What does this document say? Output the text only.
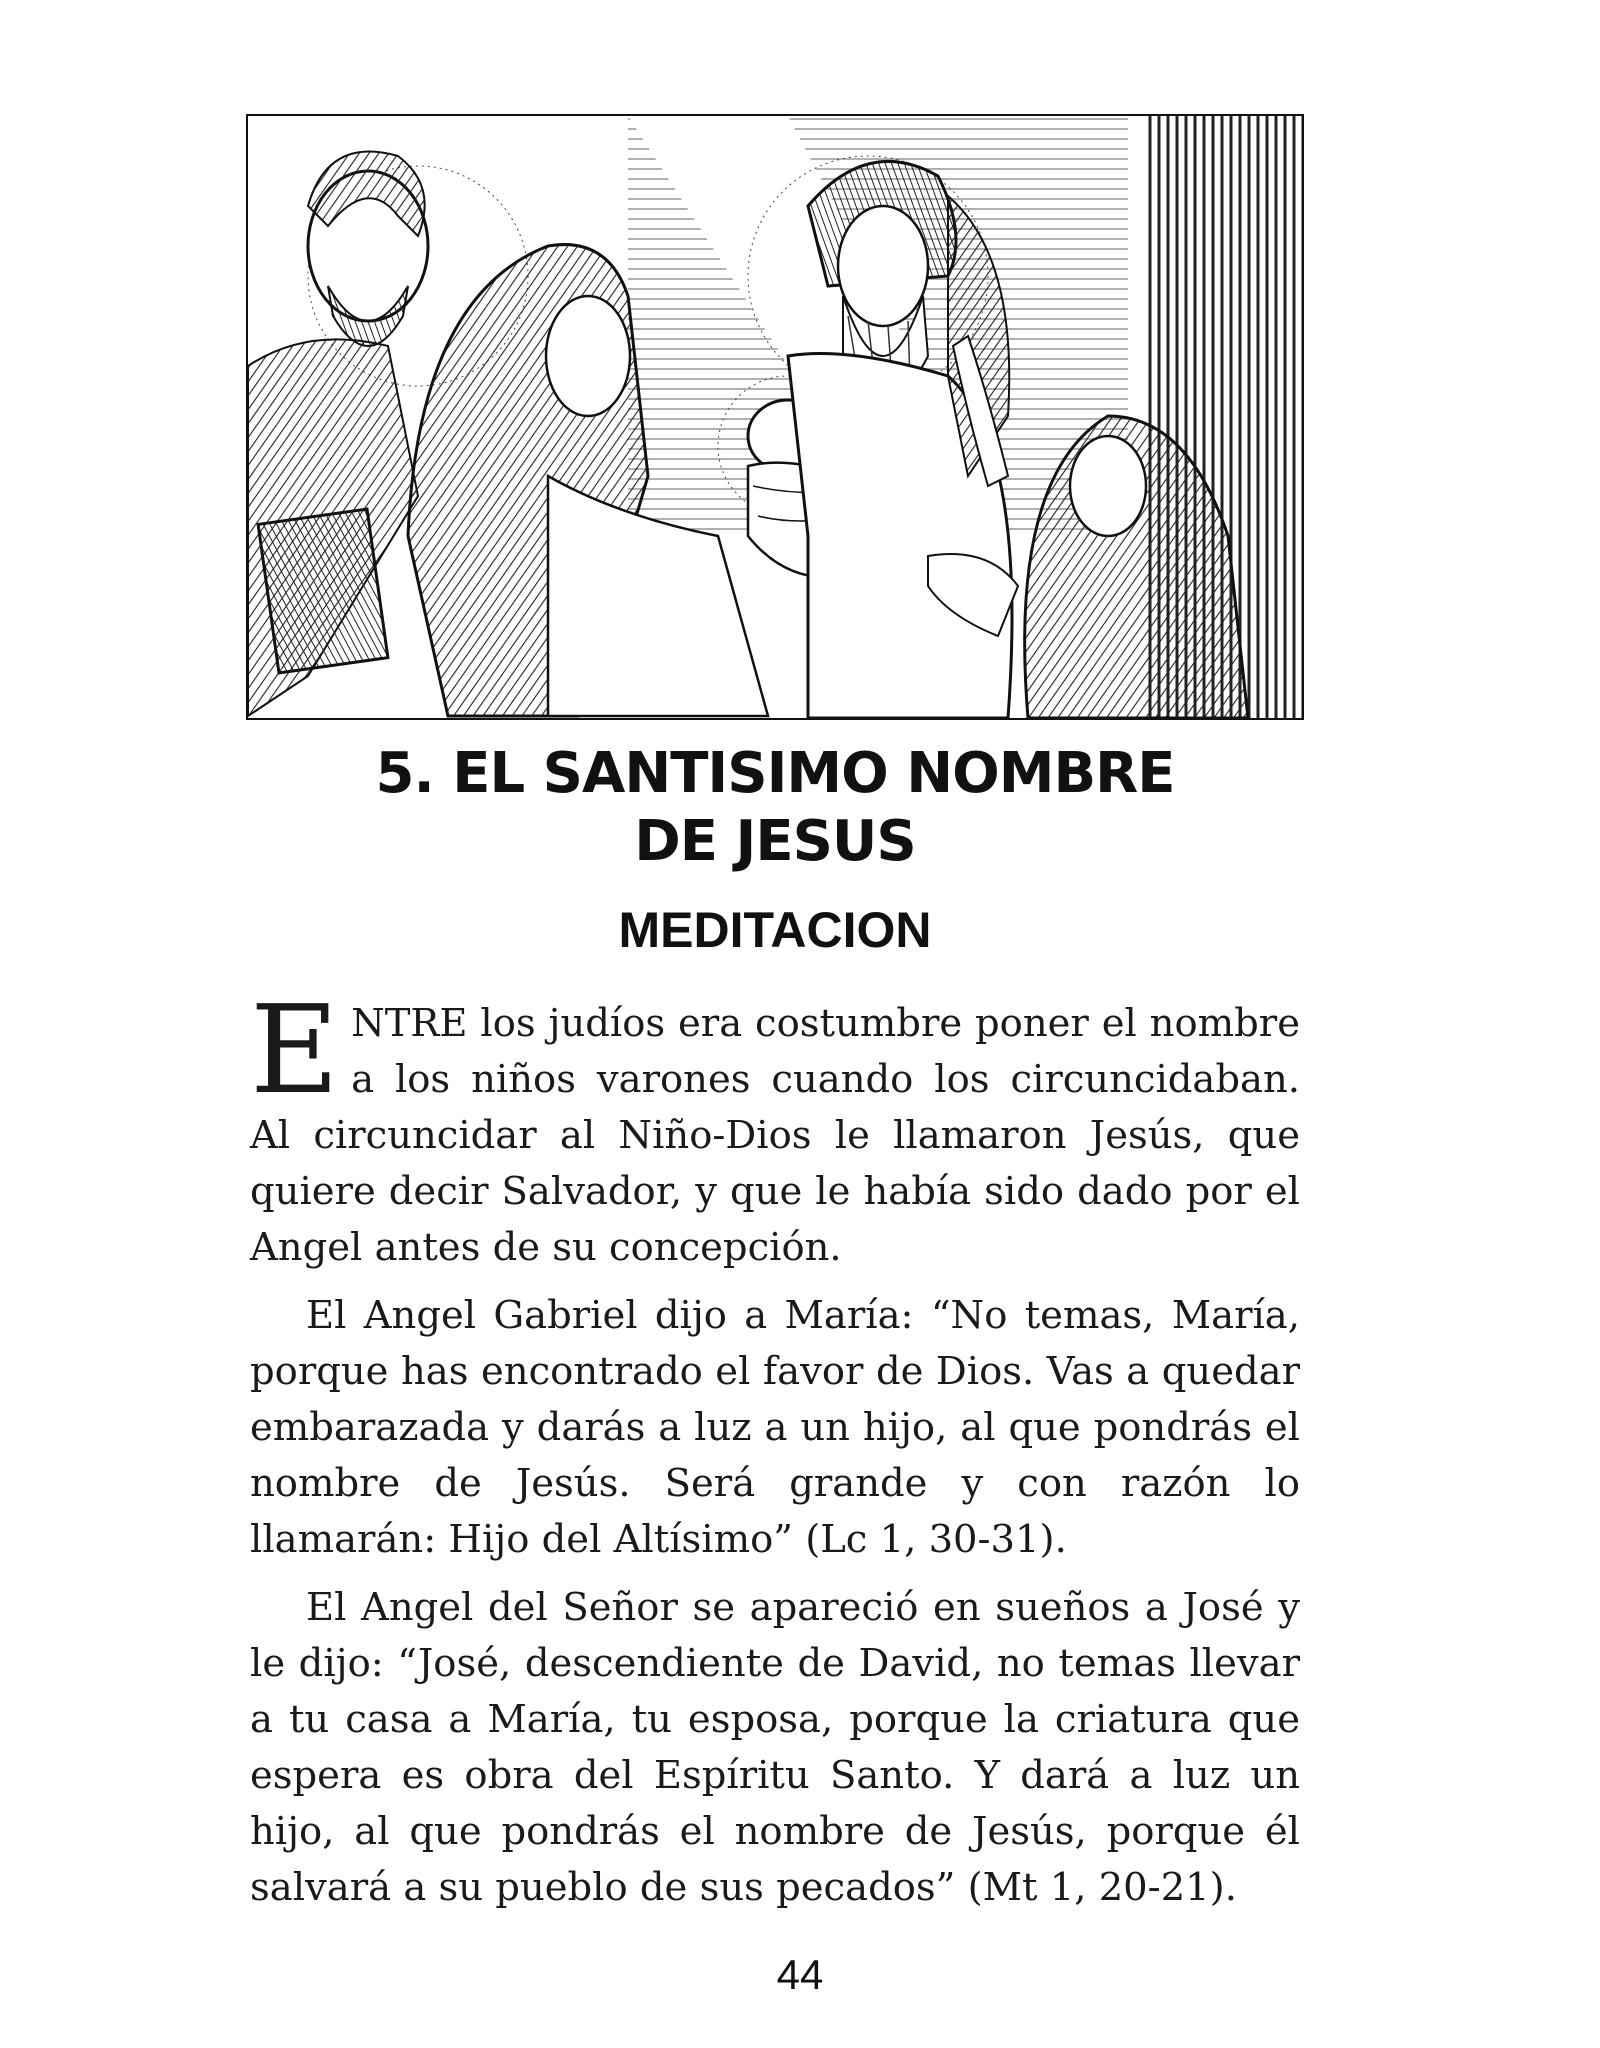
5. EL SANTISIMO NOMBRE
DE JESUS
MEDITACION

ENTRE los judíos era costumbre poner el nombre a los niños varones cuando los circuncidaban. Al circuncidar al Niño-Dios le llamaron Jesús, que quiere decir Salvador, y que le había sido dado por el Angel antes de su concepción.

El Angel Gabriel dijo a María: “No temas, María, porque has encontrado el favor de Dios. Vas a quedar embarazada y darás a luz a un hijo, al que pondrás el nombre de Jesús. Será grande y con razón lo llamarán: Hijo del Altísimo” (Lc 1, 30-31).

El Angel del Señor se apareció en sueños a José y le dijo: “José, descendiente de David, no temas llevar a tu casa a María, tu esposa, porque la criatura que espera es obra del Espíritu Santo. Y dará a luz un hijo, al que pondrás el nombre de Jesús, porque él salvará a su pueblo de sus pecados” (Mt 1, 20-21).

44
